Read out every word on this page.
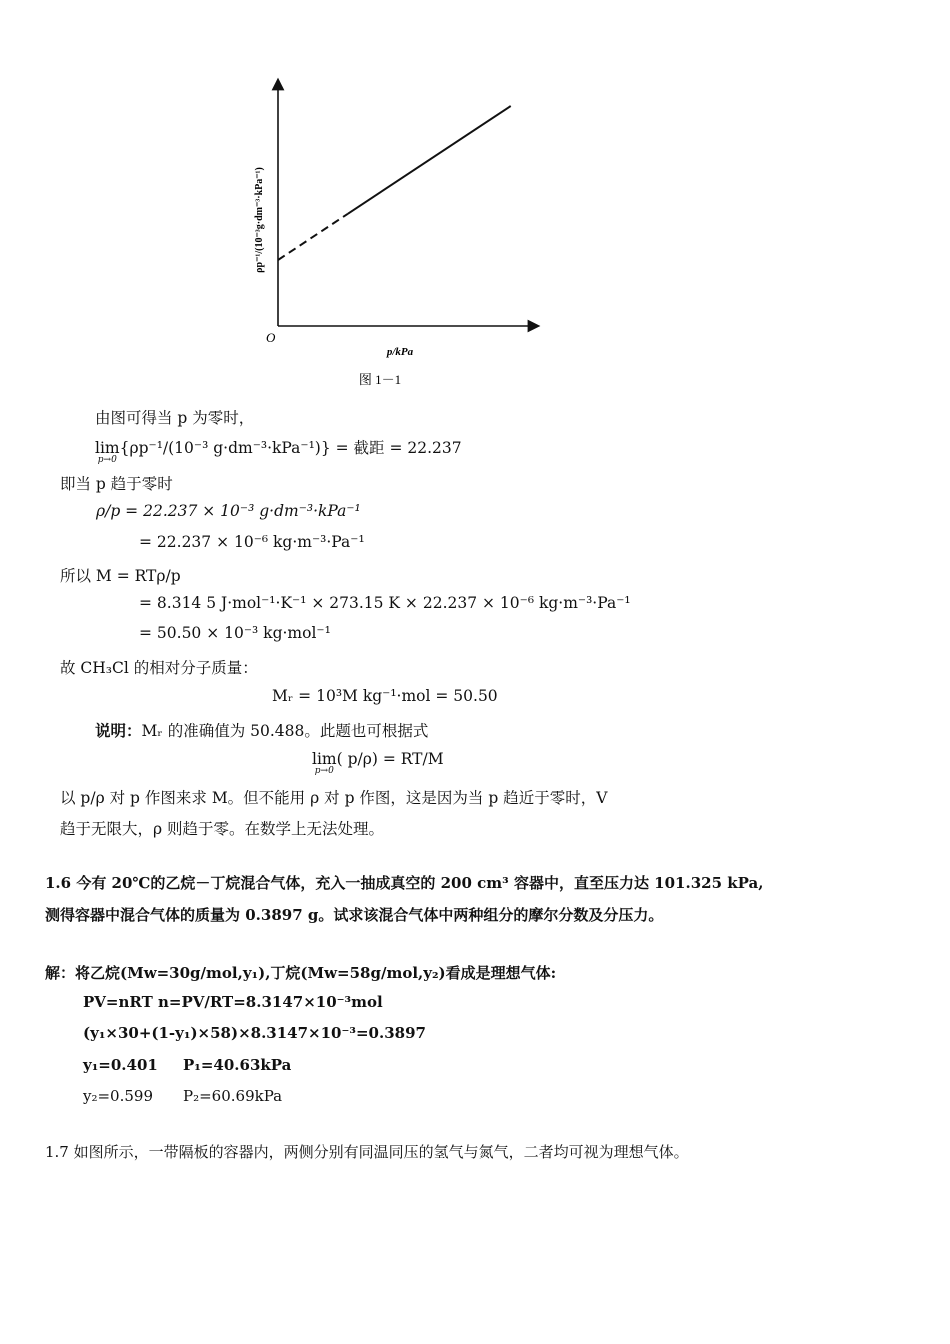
O
p/kPa
ρp⁻¹/(10⁻³g·dm⁻³·kPa⁻¹)
图 1－1
由图可得当 p 为零时，
lim
p→0
{ρp⁻¹/(10⁻³ g·dm⁻³·kPa⁻¹)} = 截距 = 22.237
即当 p 趋于零时
ρ/p = 22.237 × 10⁻³ g·dm⁻³·kPa⁻¹
= 22.237 × 10⁻⁶ kg·m⁻³·Pa⁻¹
所以 M = RTρ/p
= 8.314 5 J·mol⁻¹·K⁻¹ × 273.15 K × 22.237 × 10⁻⁶ kg·m⁻³·Pa⁻¹
= 50.50 × 10⁻³ kg·mol⁻¹
故 CH₃Cl 的相对分子质量：
Mᵣ = 10³M kg⁻¹·mol = 50.50
说明：Mᵣ 的准确值为 50.488。此题也可根据式
lim
p→0
( p/ρ) = RT/M
以 p/ρ 对 p 作图来求 M。但不能用 ρ 对 p 作图，这是因为当 p 趋近于零时，V
趋于无限大，ρ 则趋于零。在数学上无法处理。
1.6 今有 20℃的乙烷－丁烷混合气体，充入一抽成真空的 200 cm³ 容器中，直至压力达 101.325 kPa,
测得容器中混合气体的质量为 0.3897 g。试求该混合气体中两种组分的摩尔分数及分压力。
解：将乙烷(Mw=30g/mol,y₁),丁烷(Mw=58g/mol,y₂)看成是理想气体:
PV=nRT n=PV/RT=8.3147×10⁻³mol
(y₁×30+(1-y₁)×58)×8.3147×10⁻³=0.3897
y₁=0.401 P₁=40.63kPa
y₂=0.599 P₂=60.69kPa
1.7 如图所示，一带隔板的容器内，两侧分别有同温同压的氢气与氮气，二者均可视为理想气体。
